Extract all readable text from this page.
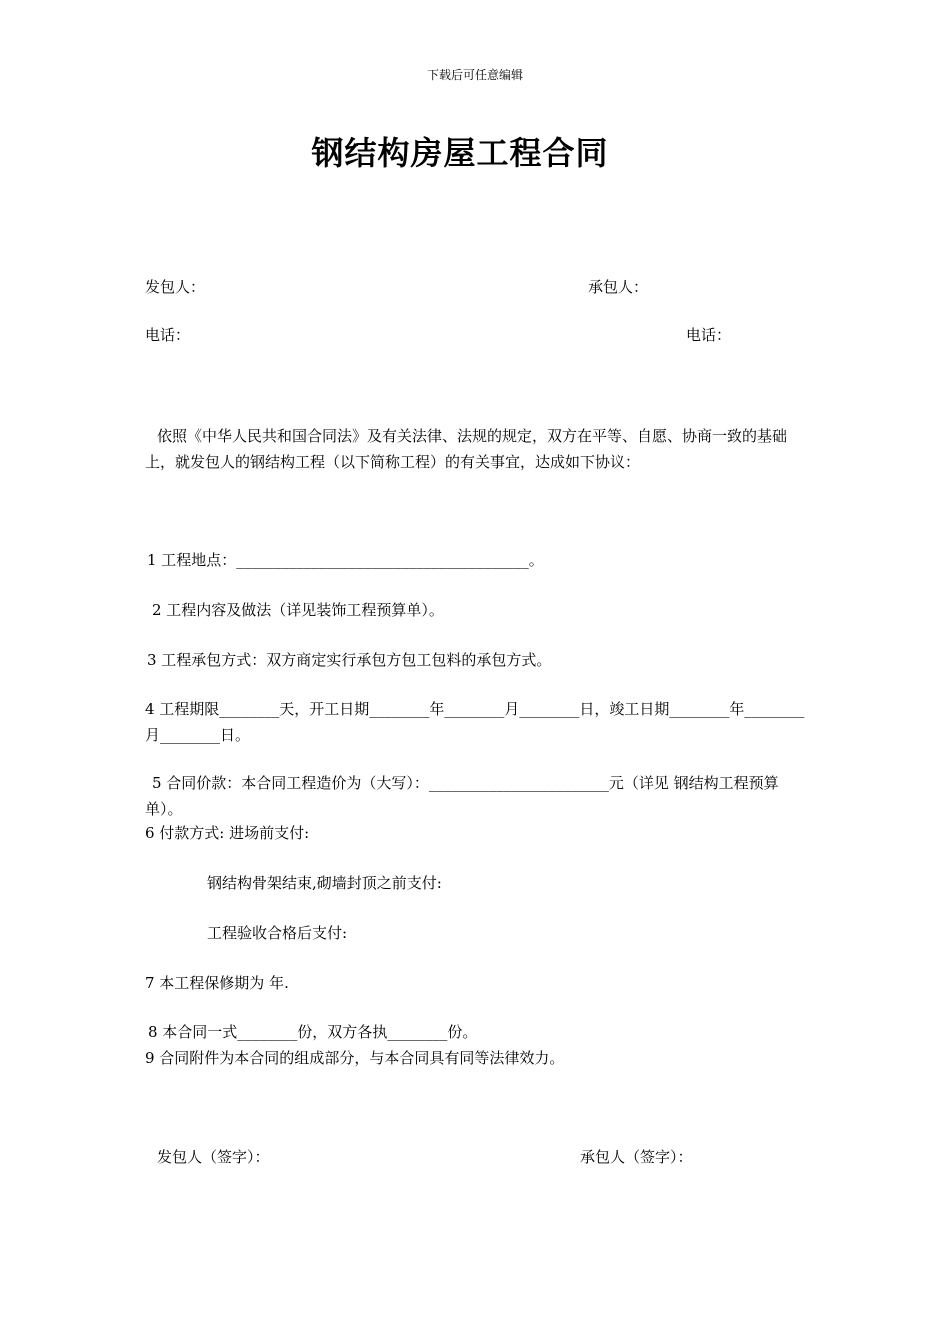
下载后可任意编辑
钢结构房屋工程合同
发包人：	承包人：
电话：	电话：
依照《中华人民共和国合同法》及有关法律、法规的规定，双方在平等、自愿、协商一致的基础上，就发包人的钢结构工程（以下简称工程）的有关事宜，达成如下协议：
1 工程地点：_______________________________________。
2 工程内容及做法（详见装饰工程预算单）。
3 工程承包方式：双方商定实行承包方包工包料的承包方式。
4 工程期限________天，开工日期________年________月________日，竣工日期________年________月________日。
5 合同价款：本合同工程造价为（大写）：________________________元（详见 钢结构工程预算单）。
6 付款方式: 进场前支付:
钢结构骨架结束,砌墙封顶之前支付:
工程验收合格后支付:
7 本工程保修期为 年.
8 本合同一式________份，双方各执________份。
9 合同附件为本合同的组成部分，与本合同具有同等法律效力。
发包人（签字）：	承包人（签字）：
